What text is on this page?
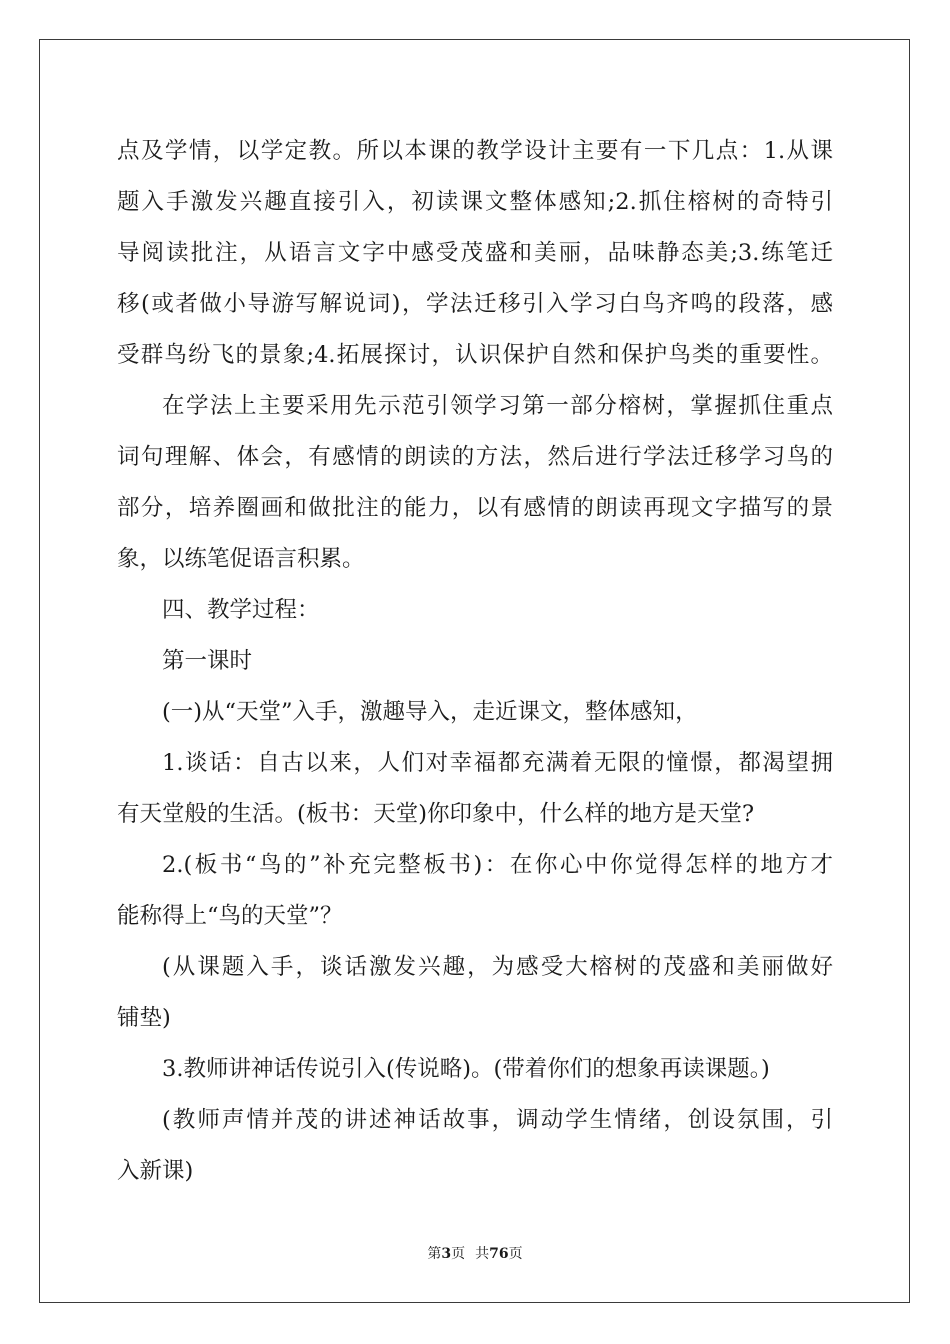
点及学情，以学定教。所以本课的教学设计主要有一下几点：1.从课
题入手激发兴趣直接引入，初读课文整体感知;2.抓住榕树的奇特引
导阅读批注，从语言文字中感受茂盛和美丽，品味静态美;3.练笔迁
移(或者做小导游写解说词)，学法迁移引入学习白鸟齐鸣的段落，感
受群鸟纷飞的景象;4.拓展探讨，认识保护自然和保护鸟类的重要性。
在学法上主要采用先示范引领学习第一部分榕树，掌握抓住重点
词句理解、体会，有感情的朗读的方法，然后进行学法迁移学习鸟的
部分，培养圈画和做批注的能力，以有感情的朗读再现文字描写的景
象，以练笔促语言积累。
四、教学过程：
第一课时
(一)从“天堂”入手，激趣导入，走近课文，整体感知，
1.谈话：自古以来，人们对幸福都充满着无限的憧憬，都渴望拥
有天堂般的生活。(板书：天堂)你印象中，什么样的地方是天堂?
2.(板书“鸟的”补充完整板书)：在你心中你觉得怎样的地方才
能称得上“鸟的天堂”？
(从课题入手，谈话激发兴趣，为感受大榕树的茂盛和美丽做好
铺垫)
3.教师讲神话传说引入(传说略)。(带着你们的想象再读课题。)
(教师声情并茂的讲述神话故事，调动学生情绪，创设氛围，引
入新课)
第3页 共76页
